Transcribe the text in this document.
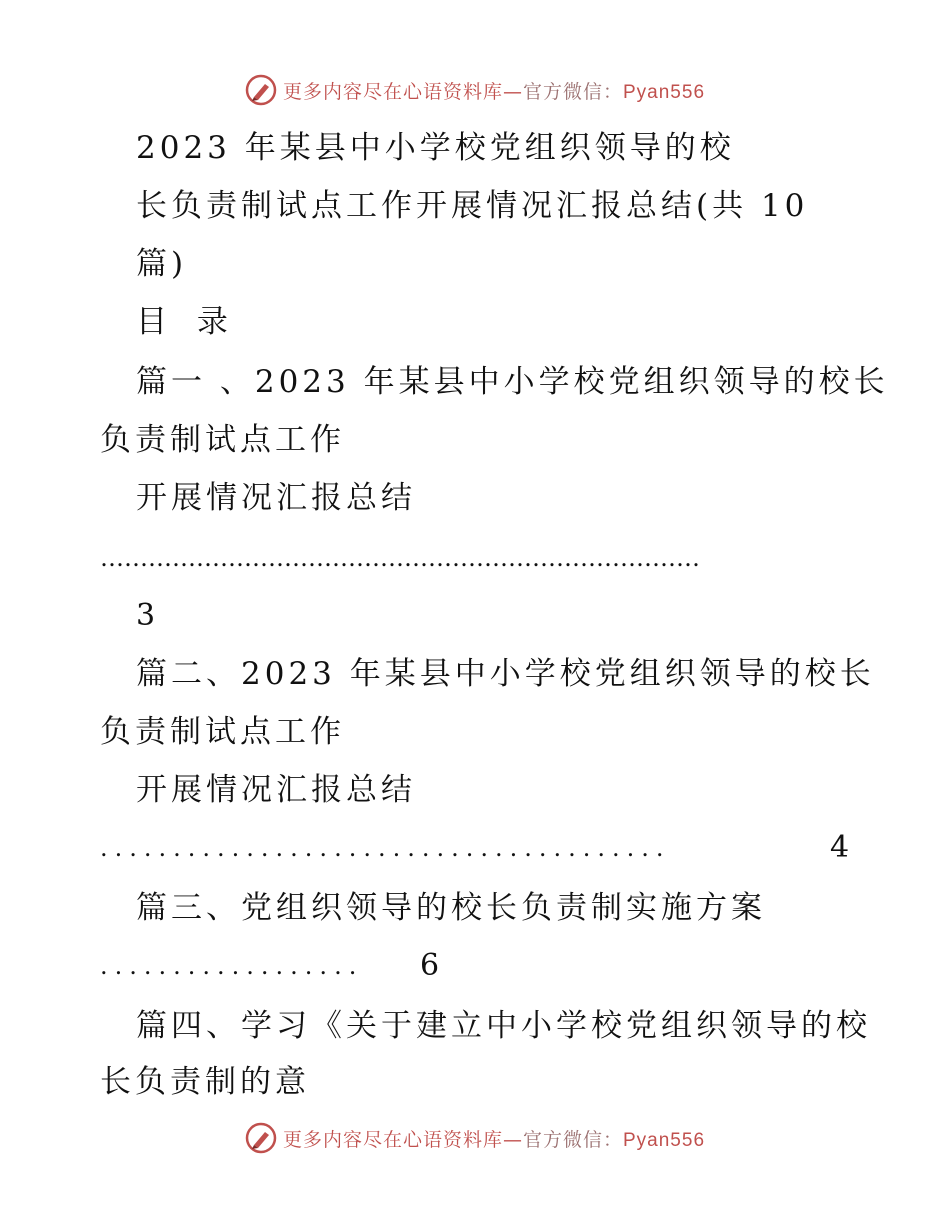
更多内容尽在心语资料库—官方微信：Pyan556
2023 年某县中小学校党组织领导的校
长负责制试点工作开展情况汇报总结(共 10
篇)
目 录
篇一 、2023 年某县中小学校党组织领导的校长
负责制试点工作
开展情况汇报总结
…………………………………………………………………
3
篇二、2023 年某县中小学校党组织领导的校长
负责制试点工作
开展情况汇报总结
.......................................	4
篇三、党组织领导的校长负责制实施方案
..................	6
篇四、学习《关于建立中小学校党组织领导的校
长负责制的意
更多内容尽在心语资料库—官方微信：Pyan556
